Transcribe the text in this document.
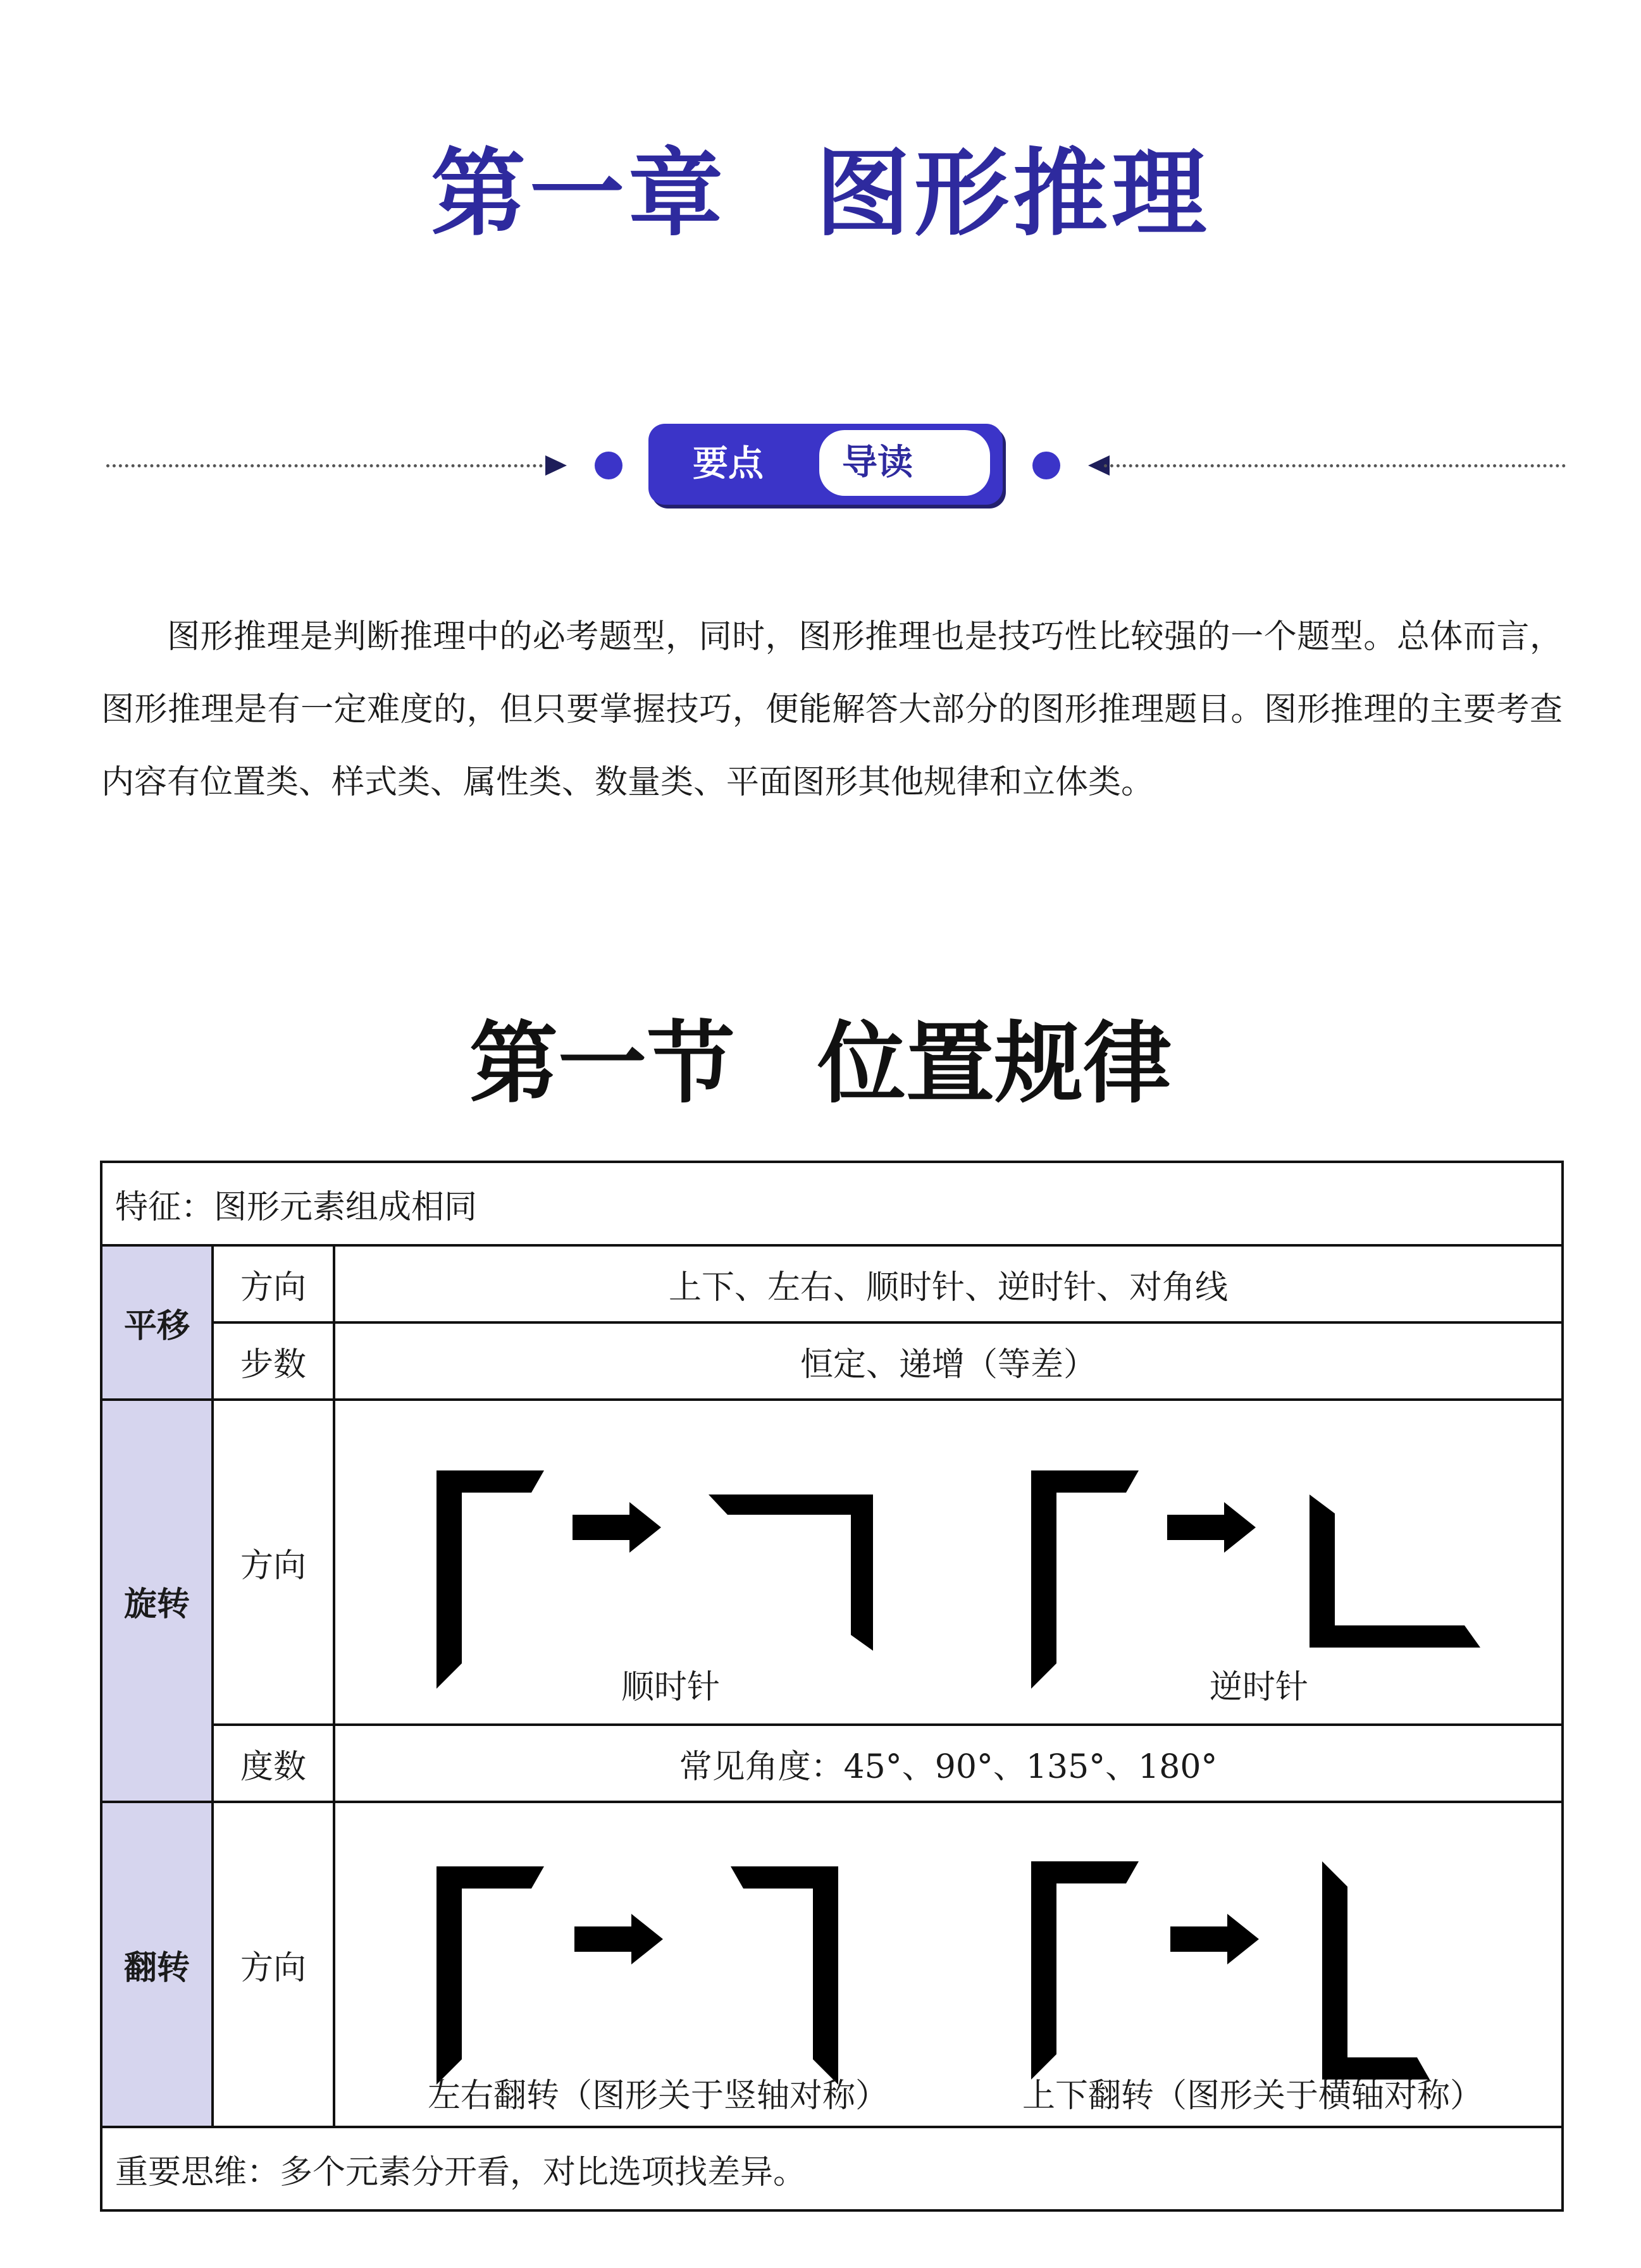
第一章 图形推理
要点	导读

图形推理是判断推理中的必考题型，同时，图形推理也是技巧性比较强的一个题型。总体而言，图形推理是有一定难度的，但只要掌握技巧，便能解答大部分的图形推理题目。图形推理的主要考查内容有位置类、样式类、属性类、数量类、平面图形其他规律和立体类。

第一节 位置规律
特征：图形元素组成相同		
平移	方向	上下、左右、顺时针、逆时针、对角线
	步数	恒定、递增（等差）
旋转	方向	顺时针 逆时针

	度数	常见角度：45°、90°、135°、180°
翻转	方向	左右翻转（图形关于竖轴对称） 上下翻转（图形关于横轴对称）

重要思维：多个元素分开看，对比选项找差异。		
